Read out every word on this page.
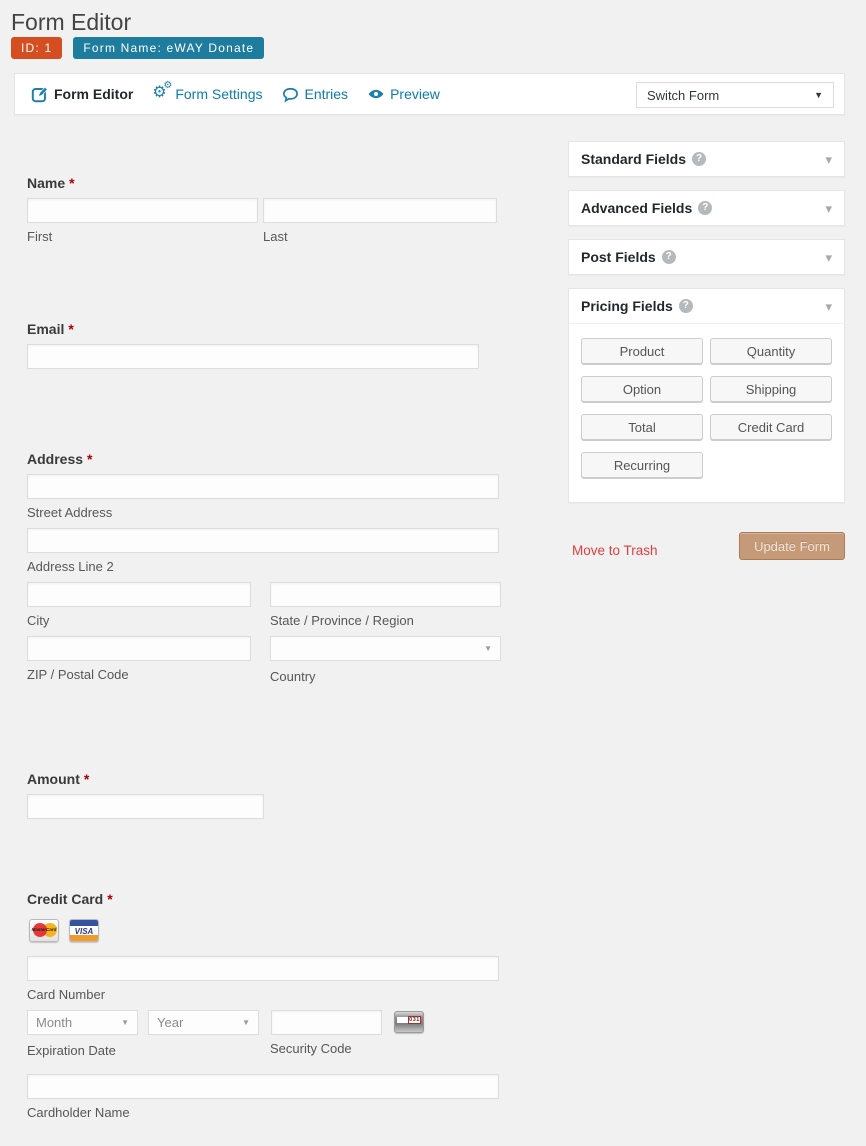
Form Editor
ID: 1	Form Name: eWAY Donate
Form Editor ⚙
⚙
Form Settings	Entries	Preview	Switch Form	▼
Name *
First	Last
Email *
Address *
Street Address
Address Line 2
City	State / Province / Region
▼
ZIP / Postal Code	Country
Amount *
Credit Card *
MasterCard	VISA
Card Number
Month	▼ Year	▼	031
Expiration Date	Security Code
Cardholder Name
Standard Fields ?	▾
Advanced Fields ?	▾
Post Fields ?	▾
Pricing Fields ?	▾
Product	Quantity
Option	Shipping
Total	Credit Card
Recurring
Move to Trash	Update Form
